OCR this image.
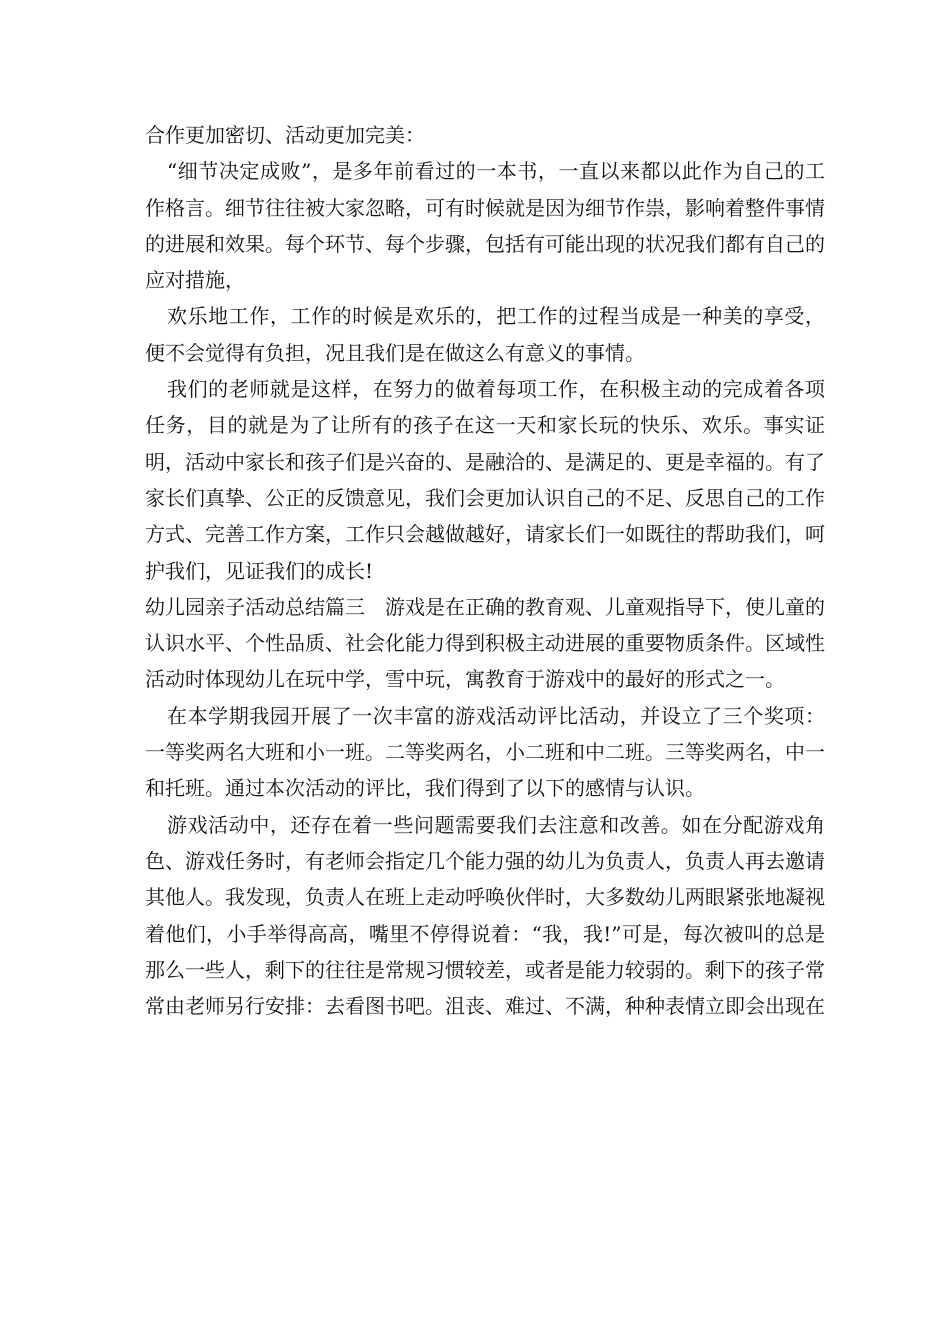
合作更加密切、活动更加完美：

“细节决定成败”，是多年前看过的一本书，一直以来都以此作为自己的工作格言。细节往往被大家忽略，可有时候就是因为细节作祟，影响着整件事情的进展和效果。每个环节、每个步骤，包括有可能出现的状况我们都有自己的应对措施，

欢乐地工作，工作的时候是欢乐的，把工作的过程当成是一种美的享受，便不会觉得有负担，况且我们是在做这么有意义的事情。

我们的老师就是这样，在努力的做着每项工作，在积极主动的完成着各项任务，目的就是为了让所有的孩子在这一天和家长玩的快乐、欢乐。事实证明，活动中家长和孩子们是兴奋的、是融洽的、是满足的、更是幸福的。有了家长们真挚、公正的反馈意见，我们会更加认识自己的不足、反思自己的工作方式、完善工作方案，工作只会越做越好，请家长们一如既往的帮助我们，呵护我们，见证我们的成长!

幼儿园亲子活动总结篇三 游戏是在正确的教育观、儿童观指导下，使儿童的认识水平、个性品质、社会化能力得到积极主动进展的重要物质条件。区域性活动时体现幼儿在玩中学，雪中玩，寓教育于游戏中的最好的形式之一。

在本学期我园开展了一次丰富的游戏活动评比活动，并设立了三个奖项：一等奖两名大班和小一班。二等奖两名，小二班和中二班。三等奖两名，中一和托班。通过本次活动的评比，我们得到了以下的感情与认识。

游戏活动中，还存在着一些问题需要我们去注意和改善。如在分配游戏角色、游戏任务时，有老师会指定几个能力强的幼儿为负责人，负责人再去邀请其他人。我发现，负责人在班上走动呼唤伙伴时，大多数幼儿两眼紧张地凝视着他们，小手举得高高，嘴里不停得说着：“我，我!”可是，每次被叫的总是那么一些人，剩下的往往是常规习惯较差，或者是能力较弱的。剩下的孩子常常由老师另行安排：去看图书吧。沮丧、难过、不满，种种表情立即会出现在
